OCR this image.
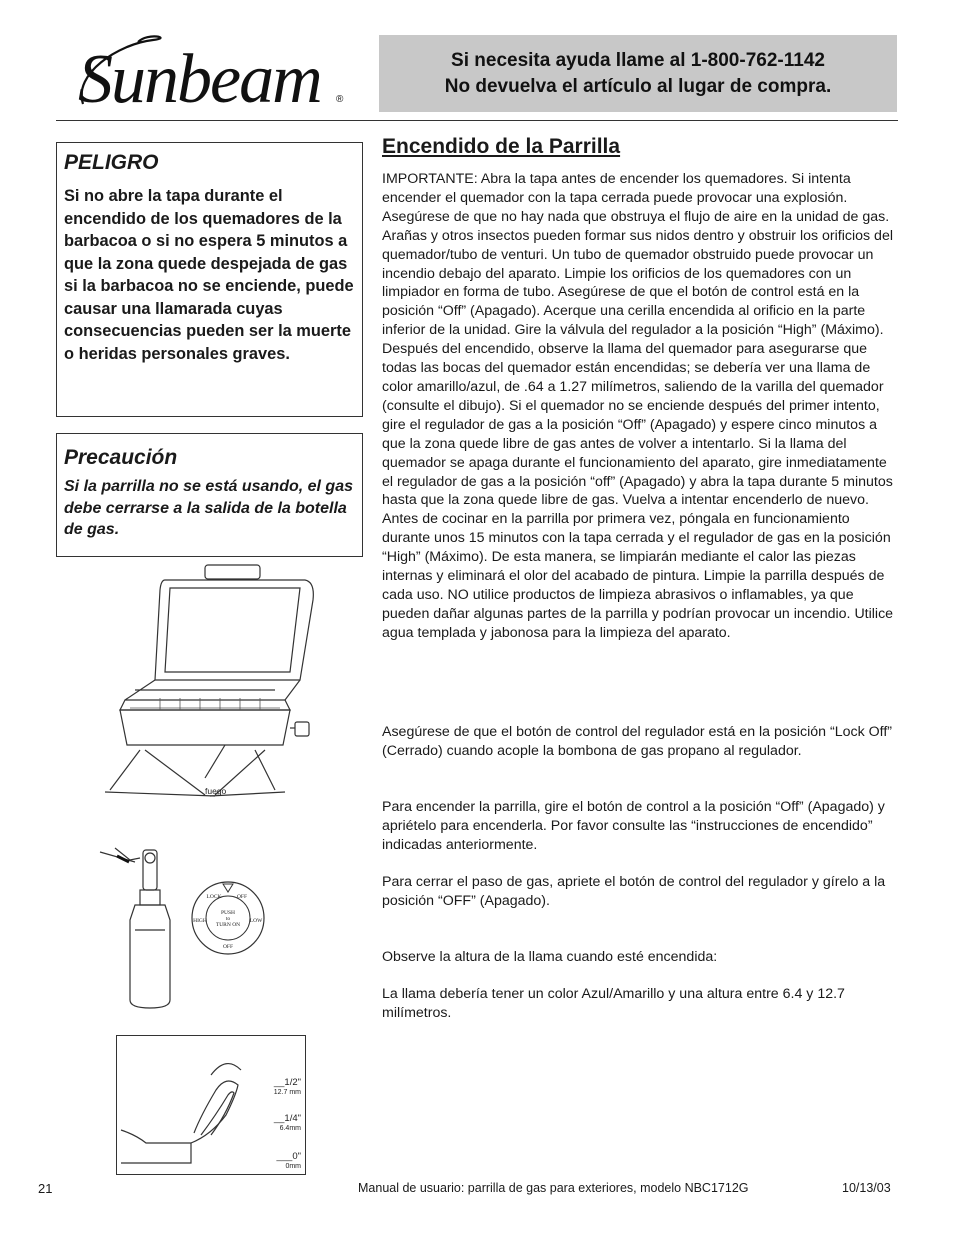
Sunbeam ®
Si necesita ayuda llame al 1-800-762-1142
No devuelva el artículo al lugar de compra.
PELIGRO

Si no abre la tapa durante el encendido de los quemadores de la barbacoa o si no espera 5 minutos a que la zona quede despejada de gas si la barbacoa no se enciende, puede causar una llamarada cuyas consecuencias pueden ser la muerte o heridas personales graves.

Precaución

Si la parrilla no se está usando, el gas debe cerrarse a la salida de la botella de gas.

Encendido de la Parrilla

IMPORTANTE: Abra la tapa antes de encender los quemadores. Si intenta encender el quemador con la tapa cerrada puede provocar una explosión. Asegúrese de que no hay nada que obstruya el flujo de aire en la unidad de gas. Arañas y otros insectos pueden formar sus nidos dentro y obstruir los orificios del quemador/tubo de venturi. Un tubo de quemador obstruido puede provocar un incendio debajo del aparato. Limpie los orificios de los quemadores con un limpiador en forma de tubo. Asegúrese de que el botón de control está en la posición “Off” (Apagado). Acerque una cerilla encendida al orificio en la parte inferior de la unidad. Gire la válvula del regulador a la posición “High” (Máximo). Después del encendido, observe la llama del quemador para asegurarse que todas las bocas del quemador están encendidas; se debería ver una llama de color amarillo/azul, de .64 a 1.27 milímetros, saliendo de la varilla del quemador (consulte el dibujo). Si el quemador no se enciende después del primer intento, gire el regulador de gas a la posición “Off” (Apagado) y espere cinco minutos a que la zona quede libre de gas antes de volver a intentarlo. Si la llama del quemador se apaga durante el funcionamiento del aparato, gire inmediatamente el regulador de gas a la posición “off” (Apagado) y abra la tapa durante 5 minutos hasta que la zona quede libre de gas. Vuelva a intentar encenderlo de nuevo. Antes de cocinar en la parrilla por primera vez, póngala en funcionamiento durante unos 15 minutos con la tapa cerrada y el regulador de gas en la posición “High” (Máximo). De esta manera, se limpiarán mediante el calor las piezas internas y eliminará el olor del acabado de pintura. Limpie la parrilla después de cada uso. NO utilice productos de limpieza abrasivos o inflamables, ya que pueden dañar algunas partes de la parrilla y podrían provocar un incendio. Utilice agua templada y jabonosa para la limpieza del aparato.

Asegúrese de que el botón de control del regulador está en la posición “Lock Off” (Cerrado) cuando acople la bombona de gas propano al regulador.

Para encender la parrilla, gire el botón de control a la posición “Off” (Apagado) y apriételo para encenderla. Por favor consulte las “instrucciones de encendido” indicadas anteriormente.

Para cerrar el paso de gas, apriete el botón de control del regulador y gírelo a la posición “OFF” (Apagado).

Observe la altura de la llama cuando esté encendida:

La llama debería tener un color Azul/Amarillo y una altura entre 6.4 y 12.7 milímetros.

fuego
LOCK	OFF
HIGH	LOW
PUSH
to
TURN ON
OFF
__1/2"
12.7 mm
__1/4"
6.4mm
___0"
0mm
21	Manual de usuario: parrilla de gas para exteriores, modelo NBC1712G	10/13/03
